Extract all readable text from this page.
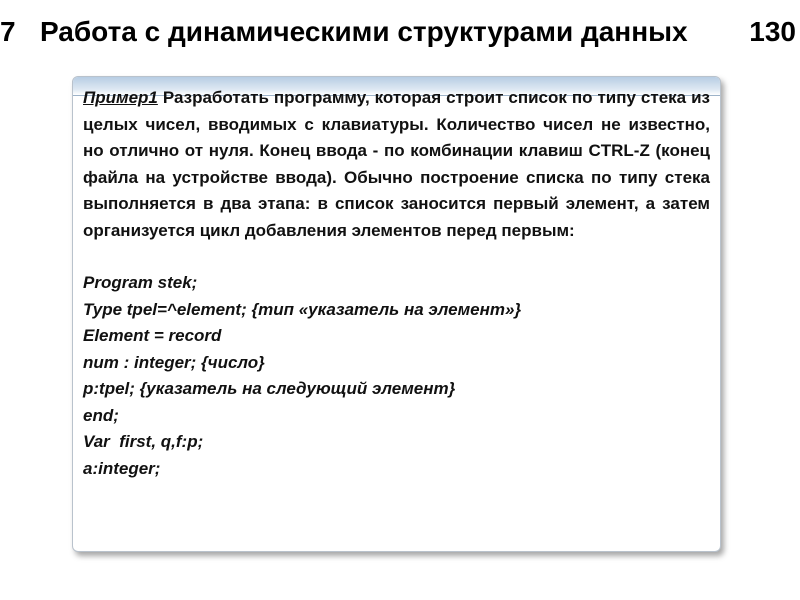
7 Работа с динамическими структурами данных 130

Пример1 Разработать программу, которая строит список по типу стека из целых чисел, вводимых с клавиатуры. Количество чисел не известно, но отлично от нуля. Конец ввода - по комбинации клавиш CTRL-Z (конец файла на устройстве ввода). Обычно построение списка по типу стека выполняется в два этапа: в список заносится первый элемент, а затем организуется цикл добавления элементов перед первым:

Program stek;
Type tpel=^element; {тип «указатель на элемент»}
Element = record
num : integer; {число}
p:tpel; {указатель на следующий элемент}
end;
Var  first, q,f:p;
a:integer;
